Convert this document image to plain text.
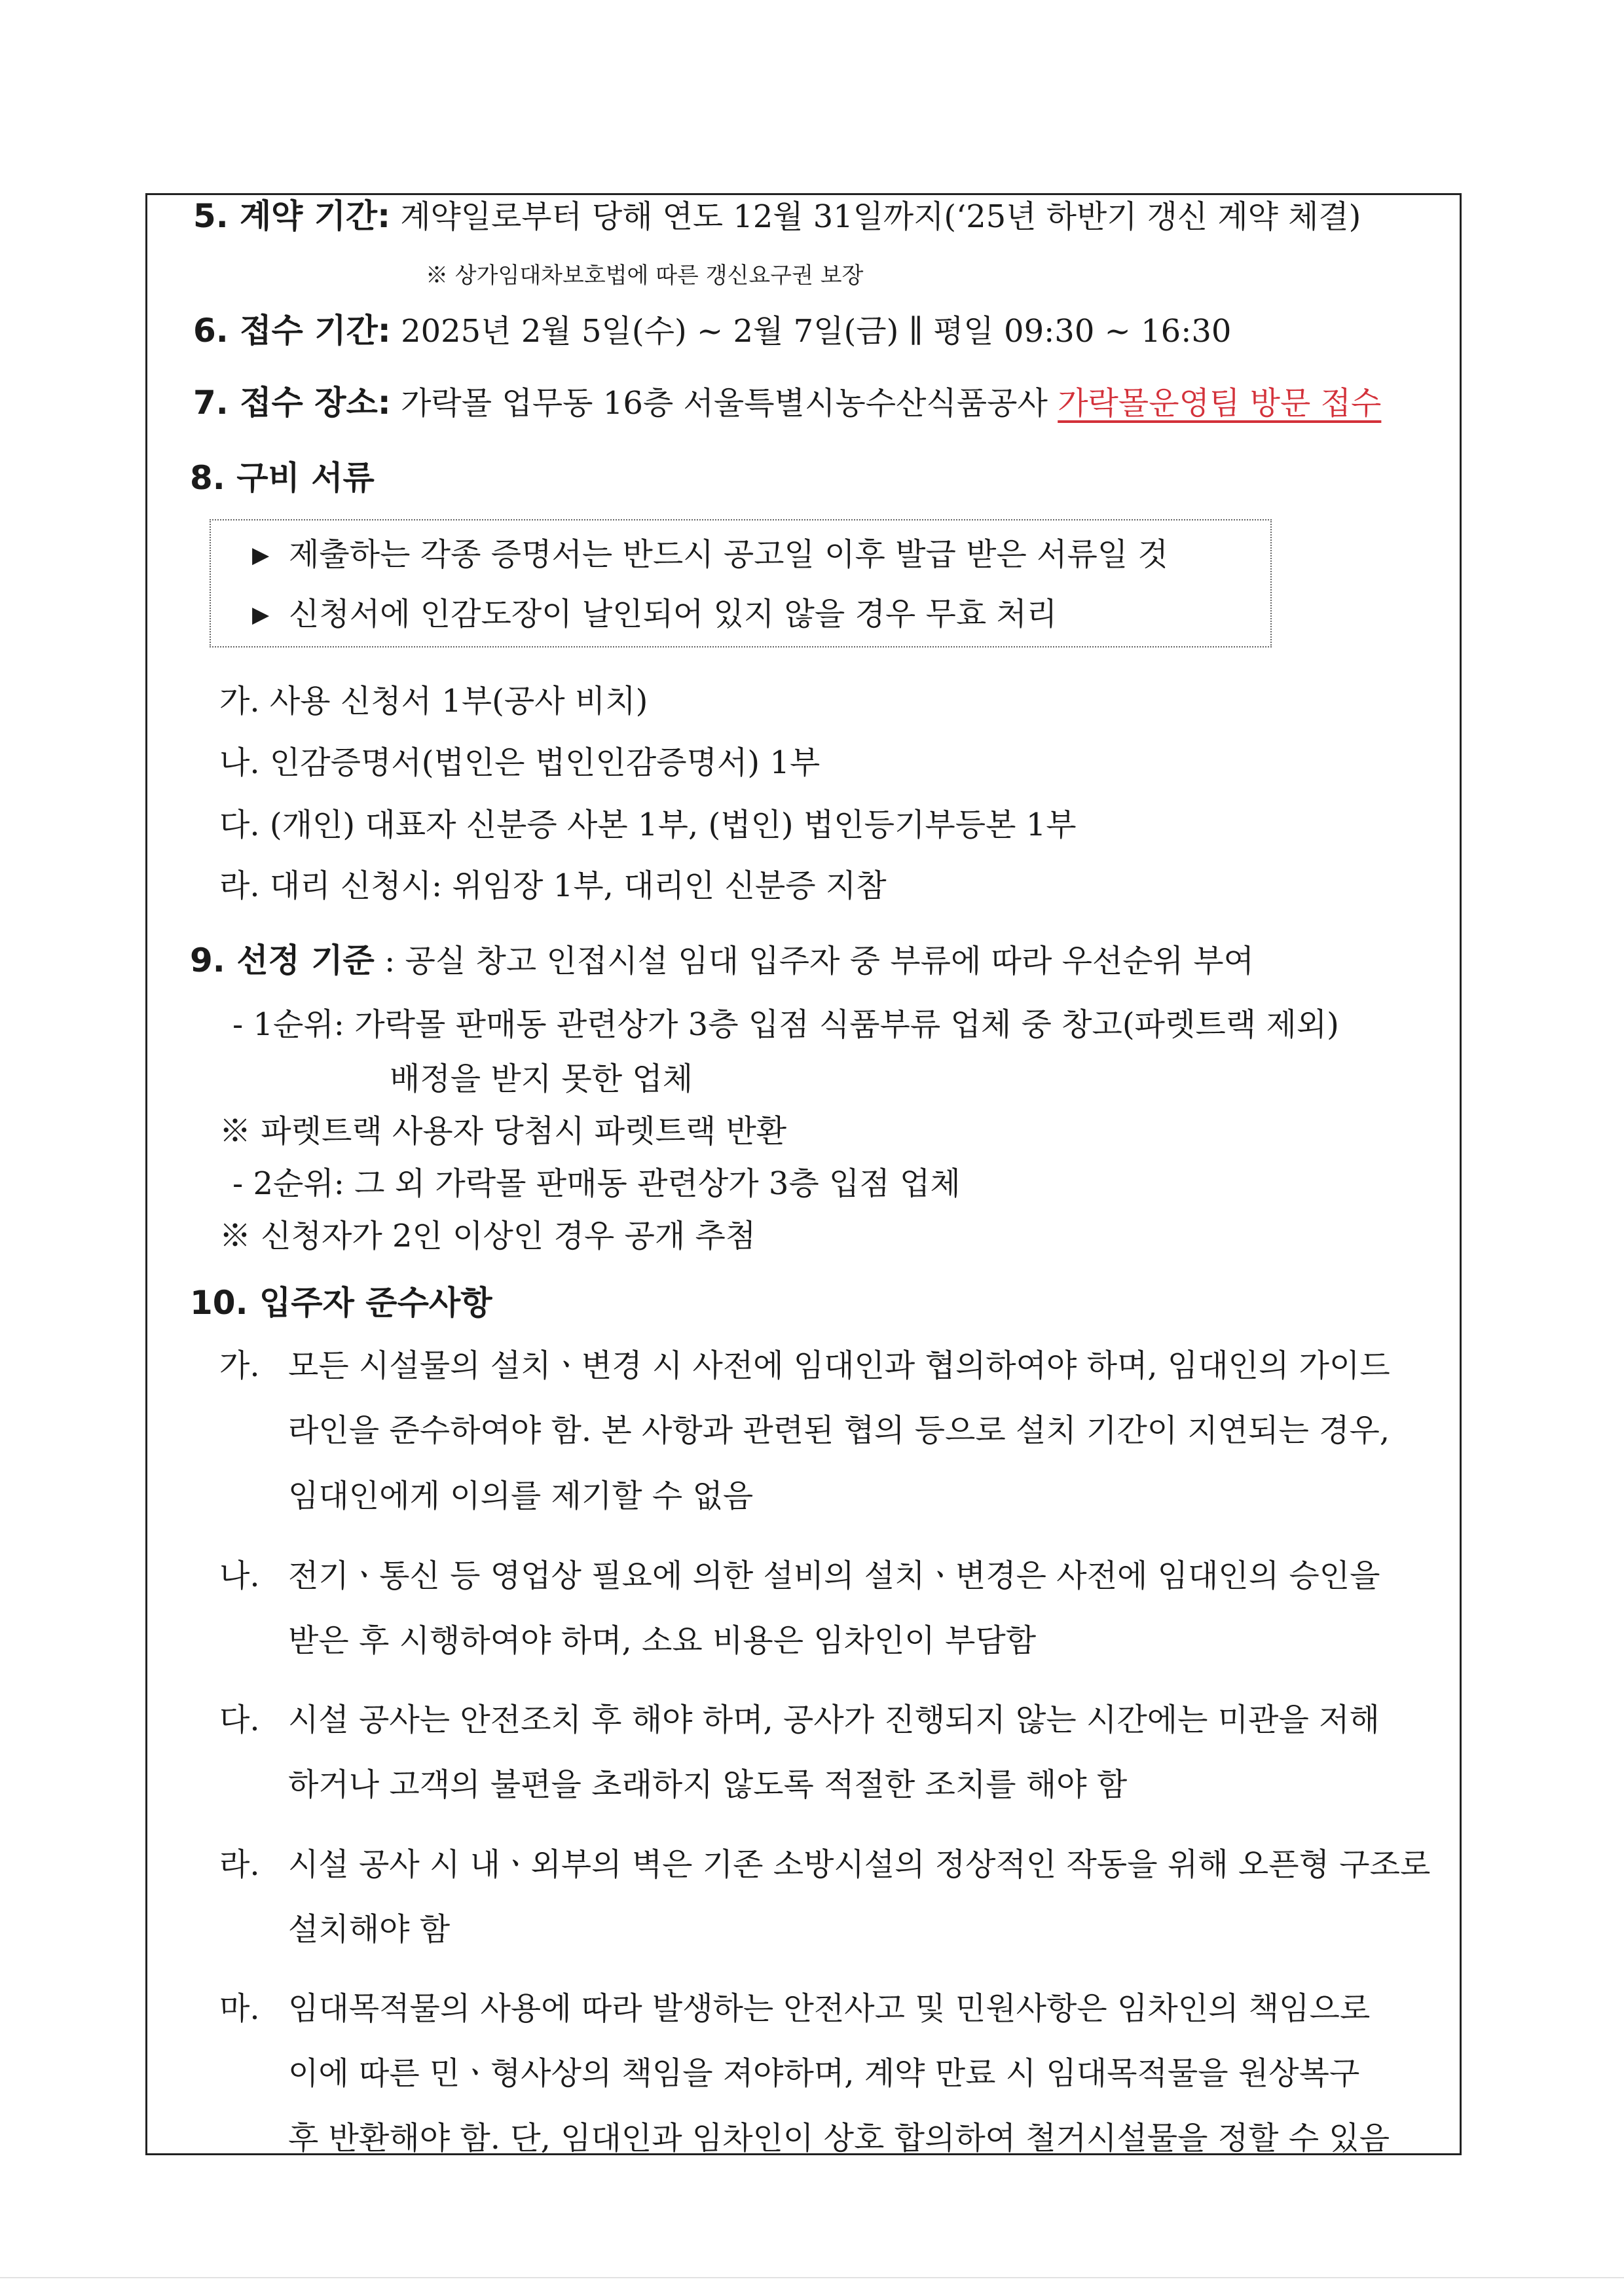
5. 계약 기간: 계약일로부터 당해 연도 12월 31일까지(‘25년 하반기 갱신 계약 체결)
※ 상가임대차보호법에 따른 갱신요구권 보장
6. 접수 기간: 2025년 2월 5일(수) ~ 2월 7일(금) ∥ 평일 09:30 ~ 16:30
7. 접수 장소: 가락몰 업무동 16층 서울특별시농수산식품공사 가락몰운영팀 방문 접수
8. 구비 서류
▶ 제출하는 각종 증명서는 반드시 공고일 이후 발급 받은 서류일 것
▶ 신청서에 인감도장이 날인되어 있지 않을 경우 무효 처리
가. 사용 신청서 1부(공사 비치)
나. 인감증명서(법인은 법인인감증명서) 1부
다. (개인) 대표자 신분증 사본 1부, (법인) 법인등기부등본 1부
라. 대리 신청시: 위임장 1부, 대리인 신분증 지참
9. 선정 기준 : 공실 창고 인접시설 임대 입주자 중 부류에 따라 우선순위 부여
- 1순위: 가락몰 판매동 관련상가 3층 입점 식품부류 업체 중 창고(파렛트랙 제외)
배정을 받지 못한 업체
※ 파렛트랙 사용자 당첨시 파렛트랙 반환
- 2순위: 그 외 가락몰 판매동 관련상가 3층 입점 업체
※ 신청자가 2인 이상인 경우 공개 추첨
10. 입주자 준수사항
가. 모든 시설물의 설치ㆍ변경 시 사전에 임대인과 협의하여야 하며, 임대인의 가이드
라인을 준수하여야 함. 본 사항과 관련된 협의 등으로 설치 기간이 지연되는 경우,
임대인에게 이의를 제기할 수 없음
나. 전기ㆍ통신 등 영업상 필요에 의한 설비의 설치ㆍ변경은 사전에 임대인의 승인을
받은 후 시행하여야 하며, 소요 비용은 임차인이 부담함
다. 시설 공사는 안전조치 후 해야 하며, 공사가 진행되지 않는 시간에는 미관을 저해
하거나 고객의 불편을 초래하지 않도록 적절한 조치를 해야 함
라. 시설 공사 시 내ㆍ외부의 벽은 기존 소방시설의 정상적인 작동을 위해 오픈형 구조로
설치해야 함
마. 임대목적물의 사용에 따라 발생하는 안전사고 및 민원사항은 임차인의 책임으로
이에 따른 민ㆍ형사상의 책임을 져야하며, 계약 만료 시 임대목적물을 원상복구
후 반환해야 함. 단, 임대인과 임차인이 상호 합의하여 철거시설물을 정할 수 있음
